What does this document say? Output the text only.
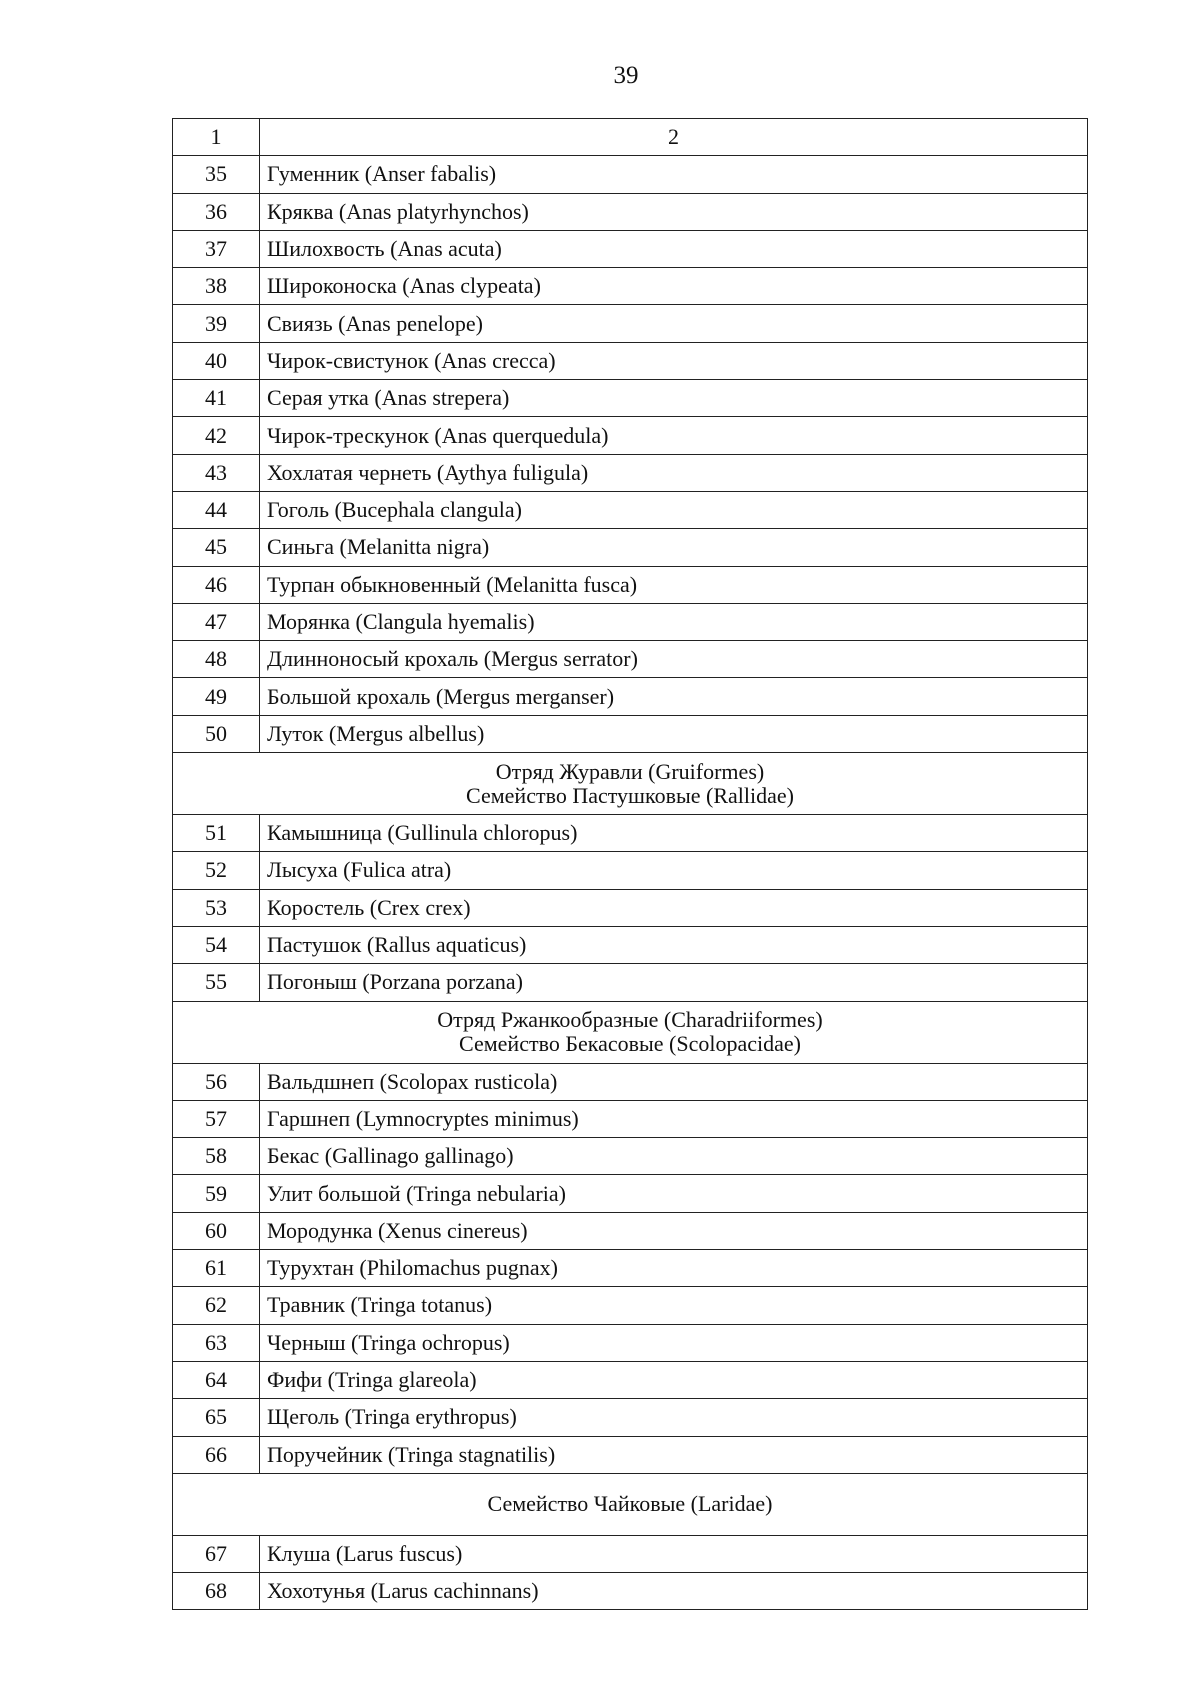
39
1	2
35	Гуменник (Anser fabalis)
36	Кряква (Anas platyrhynchos)
37	Шилохвость (Anas acuta)
38	Широконоска (Anas clypeata)
39	Свиязь (Anas penelope)
40	Чирок-свистунок (Anas crecca)
41	Серая утка (Anas strepera)
42	Чирок-трескунок (Anas querquedula)
43	Хохлатая чернеть (Aythya fuligula)
44	Гоголь (Bucephala clangula)
45	Синьга (Melanitta nigra)
46	Турпан обыкновенный (Melanitta fusca)
47	Морянка (Clangula hyemalis)
48	Длинноносый крохаль (Mergus serrator)
49	Большой крохаль (Mergus merganser)
50	Луток (Mergus albellus)

Отряд Журавли (Gruiformes)
Семейство Пастушковые (Rallidae)	

51	Камышница (Gullinula chloropus)
52	Лысуха (Fulica atra)
53	Коростель (Crex crex)
54	Пастушок (Rallus aquaticus)
55	Погоныш (Porzana porzana)

Отряд Ржанкообразные (Charadriiformes)
Семейство Бекасовые (Scolopacidae)	

56	Вальдшнеп (Scolopax rusticola)
57	Гаршнеп (Lymnocryptes minimus)
58	Бекас (Gallinago gallinago)
59	Улит большой (Tringa nebularia)
60	Мородунка (Xenus cinereus)
61	Турухтан (Philomachus pugnax)
62	Травник (Tringa totanus)
63	Черныш (Tringa ochropus)
64	Фифи (Tringa glareola)
65	Щеголь (Tringa erythropus)
66	Поручейник (Tringa stagnatilis)

Семейство Чайковые (Laridae)	

67	Клуша (Larus fuscus)
68	Хохотунья (Larus cachinnans)
